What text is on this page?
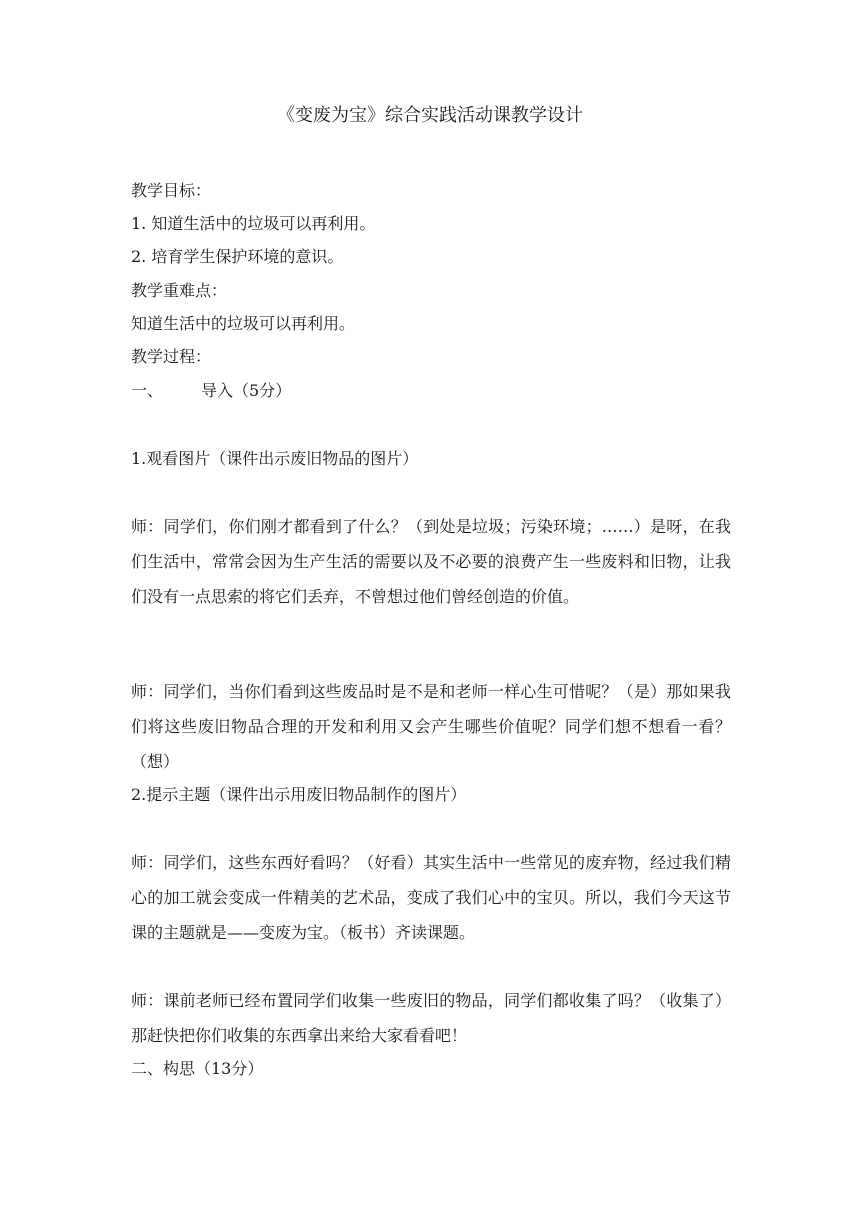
《变废为宝》综合实践活动课教学设计
教学目标：
1. 知道生活中的垃圾可以再利用。
2. 培育学生保护环境的意识。
教学重难点：
知道生活中的垃圾可以再利用。
教学过程：
一、 导入（5分）
1.观看图片（课件出示废旧物品的图片）
师：同学们，你们刚才都看到了什么？（到处是垃圾；污染环境；……）是呀，在我们生活中，常常会因为生产生活的需要以及不必要的浪费产生一些废料和旧物，让我们没有一点思索的将它们丢弃，不曾想过他们曾经创造的价值。
师：同学们，当你们看到这些废品时是不是和老师一样心生可惜呢？（是）那如果我们将这些废旧物品合理的开发和利用又会产生哪些价值呢？同学们想不想看一看？（想）
2.提示主题（课件出示用废旧物品制作的图片）
师：同学们，这些东西好看吗？（好看）其实生活中一些常见的废弃物，经过我们精心的加工就会变成一件精美的艺术品，变成了我们心中的宝贝。所以，我们今天这节课的主题就是——变废为宝。（板书）齐读课题。
师：课前老师已经布置同学们收集一些废旧的物品，同学们都收集了吗？（收集了）那赶快把你们收集的东西拿出来给大家看看吧！
二、构思（13分）
